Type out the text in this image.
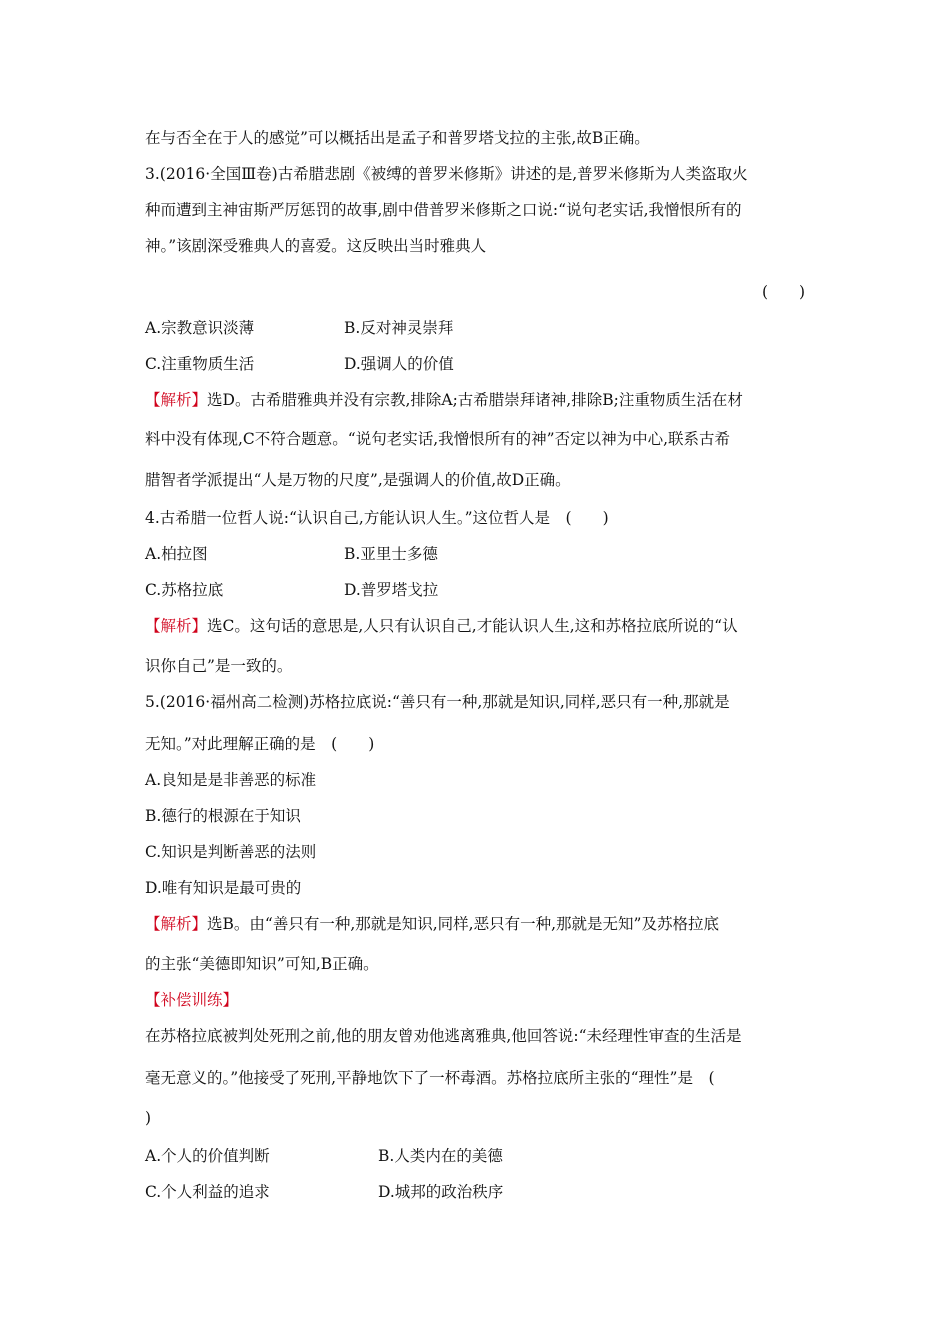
在与否全在于人的感觉”可以概括出是孟子和普罗塔戈拉的主张,故B正确。
3.(2016·全国Ⅲ卷)古希腊悲剧《被缚的普罗米修斯》讲述的是,普罗米修斯为人类盗取火
种而遭到主神宙斯严厉惩罚的故事,剧中借普罗米修斯之口说:“说句老实话,我憎恨所有的
神。”该剧深受雅典人的喜爱。这反映出当时雅典人
(　　)
A.宗教意识淡薄	B.反对神灵崇拜
C.注重物质生活	D.强调人的价值
【解析】选D。古希腊雅典并没有宗教,排除A;古希腊崇拜诸神,排除B;注重物质生活在材
料中没有体现,C不符合题意。“说句老实话,我憎恨所有的神”否定以神为中心,联系古希
腊智者学派提出“人是万物的尺度”,是强调人的价值,故D正确。
4.古希腊一位哲人说:“认识自己,方能认识人生。”这位哲人是　(　　)
A.柏拉图	B.亚里士多德
C.苏格拉底	D.普罗塔戈拉
【解析】选C。这句话的意思是,人只有认识自己,才能认识人生,这和苏格拉底所说的“认
识你自己”是一致的。
5.(2016·福州高二检测)苏格拉底说:“善只有一种,那就是知识,同样,恶只有一种,那就是
无知。”对此理解正确的是　(　　)
A.良知是是非善恶的标准
B.德行的根源在于知识
C.知识是判断善恶的法则
D.唯有知识是最可贵的
【解析】选B。由“善只有一种,那就是知识,同样,恶只有一种,那就是无知”及苏格拉底
的主张“美德即知识”可知,B正确。
【补偿训练】
在苏格拉底被判处死刑之前,他的朋友曾劝他逃离雅典,他回答说:“未经理性审查的生活是
毫无意义的。”他接受了死刑,平静地饮下了一杯毒酒。苏格拉底所主张的“理性”是　(
)
A.个人的价值判断	B.人类内在的美德
C.个人利益的追求	D.城邦的政治秩序
